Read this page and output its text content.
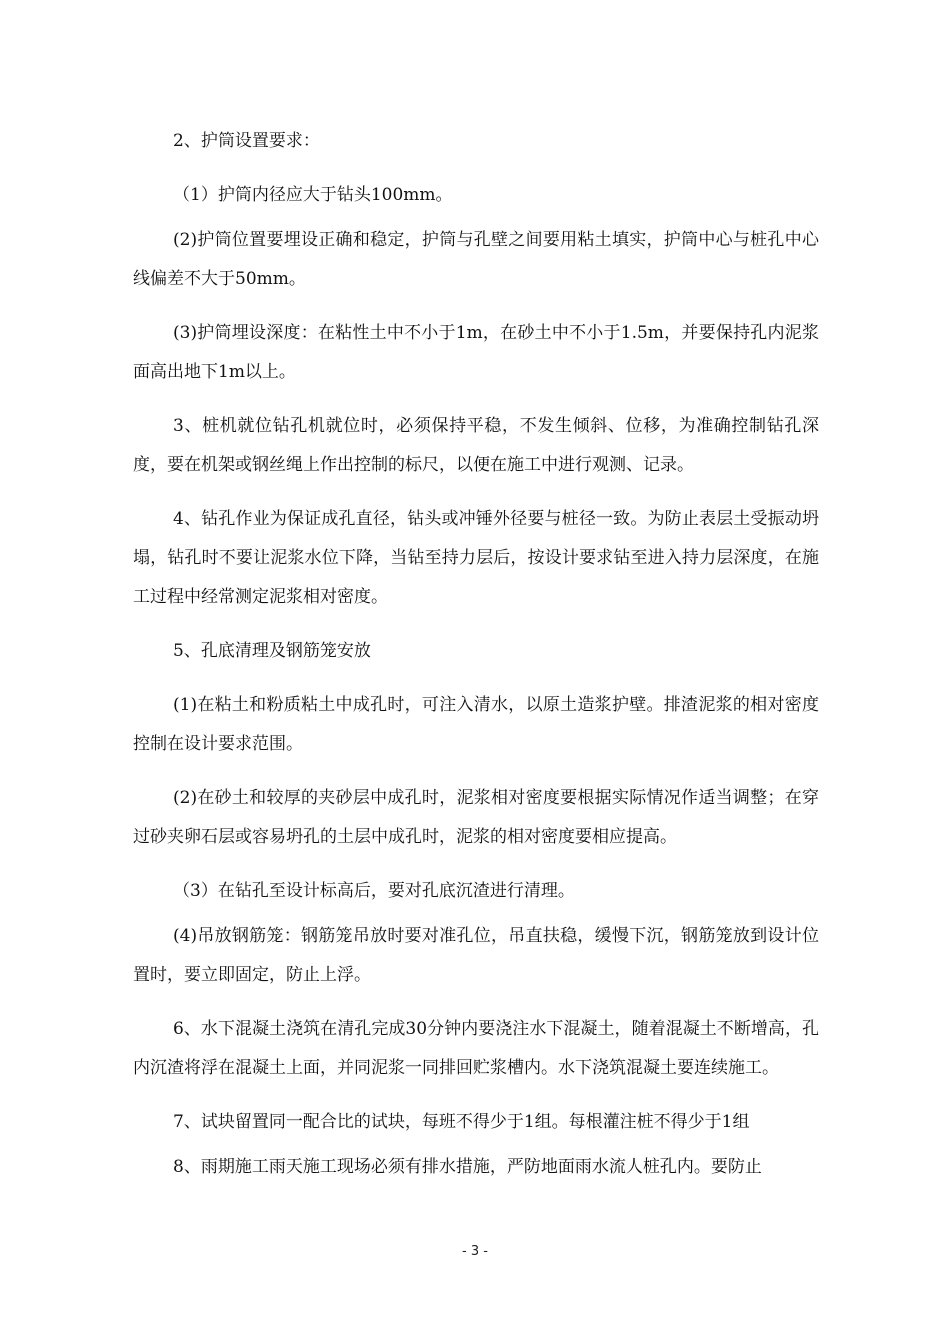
2、护筒设置要求：

（1）护筒内径应大于钻头100mm。

(2)护筒位置要埋设正确和稳定，护筒与孔壁之间要用粘土填实，护筒中心与桩孔中心线偏差不大于50mm。

(3)护筒埋设深度：在粘性土中不小于1m，在砂土中不小于1.5m，并要保持孔内泥浆面高出地下1m以上。

3、桩机就位钻孔机就位时，必须保持平稳，不发生倾斜、位移，为准确控制钻孔深度，要在机架或钢丝绳上作出控制的标尺，以便在施工中进行观测、记录。

4、钻孔作业为保证成孔直径，钻头或冲锤外径要与桩径一致。为防止表层土受振动坍塌，钻孔时不要让泥浆水位下降，当钻至持力层后，按设计要求钻至进入持力层深度，在施工过程中经常测定泥浆相对密度。

5、孔底清理及钢筋笼安放

(1)在粘土和粉质粘土中成孔时，可注入清水，以原土造浆护壁。排渣泥浆的相对密度控制在设计要求范围。

(2)在砂土和较厚的夹砂层中成孔时，泥浆相对密度要根据实际情况作适当调整；在穿过砂夹卵石层或容易坍孔的土层中成孔时，泥浆的相对密度要相应提高。

（3）在钻孔至设计标高后，要对孔底沉渣进行清理。

(4)吊放钢筋笼：钢筋笼吊放时要对准孔位，吊直扶稳，缓慢下沉，钢筋笼放到设计位置时，要立即固定，防止上浮。

6、水下混凝土浇筑在清孔完成30分钟内要浇注水下混凝土，随着混凝土不断增高，孔内沉渣将浮在混凝土上面，并同泥浆一同排回贮浆槽内。水下浇筑混凝土要连续施工。

7、试块留置同一配合比的试块，每班不得少于1组。每根灌注桩不得少于1组

8、雨期施工雨天施工现场必须有排水措施，严防地面雨水流人桩孔内。要防止

- 3 -
